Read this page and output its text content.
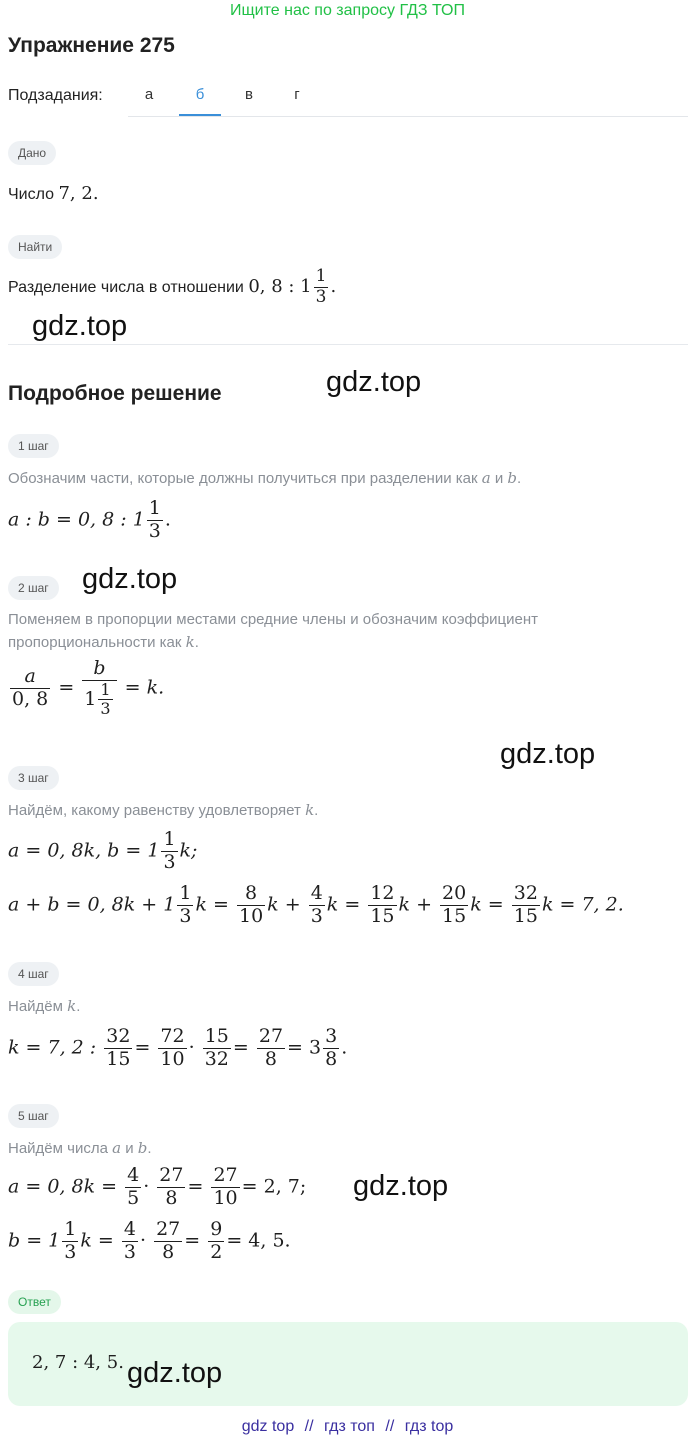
Ищите нас по запросу ГДЗ ТОП
Упражнение 275
Подзадания:	а	б	в	г
Дано
Число 7, 2.
Найти
Разделение числа в отношении 0, 8 : $1 \frac{1}{3}$ .
gdz.top
Подробное решение	gdz.top
1 шаг
Обозначим части, которые должны получиться при разделении как a и b.
a : b = 0, 8 : $1 \frac{1}{3}$ .
gdz.top
2 шаг
Поменяем в пропорции местами средние члены и обозначим коэффициент
пропорциональности как k.
$\frac{a}{0, 8} = \frac{b}{1 \frac{1}{3}} = k$.
gdz.top
3 шаг
Найдём, какому равенству удовлетворяет k.
a = 0, 8k, $b = 1 \frac{1}{3} k$;
a + b = 0, $8k + 1 \frac{1}{3}$ $k = \frac{8}{10}$ $k + \frac{4}{3}$ $k = \frac{12}{15}$ $k + \frac{20}{15}$ $k = \frac{32}{15}$ k = 7, 2.
4 шаг
Найдём k.
k = 7, 2 : $\frac{32}{15} = \frac{72}{10} \cdot \frac{15}{32} = \frac{27}{8} = 3 \frac{3}{8}$ .
5 шаг
Найдём числа a и b.
a = 0, $8k = \frac{4}{5} \cdot \frac{27}{8} = \frac{27}{10} = 2$, 7; gdz.top
$b = 1 \frac{1}{3}$ $k = \frac{4}{3} \cdot \frac{27}{8} = \frac{9}{2} = 4$, 5.
Ответ
2, 7 : 4, 5. gdz.top
gdz top // гдз топ // гдз top
